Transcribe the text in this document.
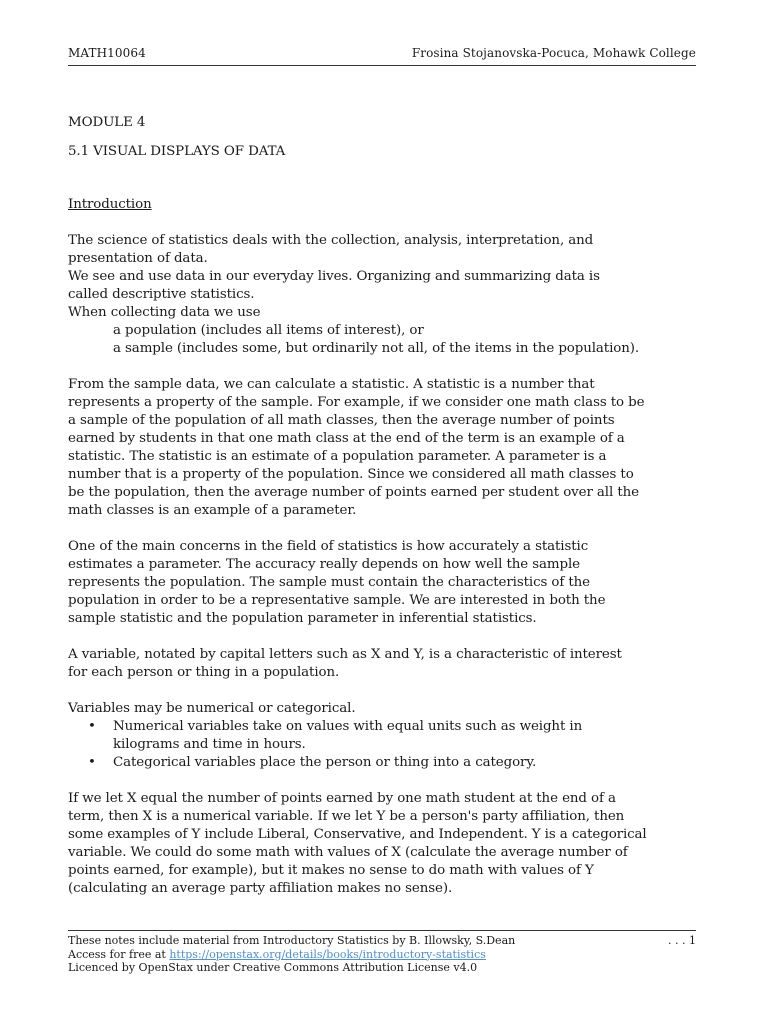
MATH10064	Frosina Stojanovska-Pocuca, Mohawk College

MODULE 4

5.1 VISUAL DISPLAYS OF DATA

Introduction

The science of statistics deals with the collection, analysis, interpretation, and

presentation of data.

We see and use data in our everyday lives. Organizing and summarizing data is

called descriptive statistics.

When collecting data we use

a population (includes all items of interest), or

a sample (includes some, but ordinarily not all, of the items in the population).

From the sample data, we can calculate a statistic. A statistic is a number that

represents a property of the sample. For example, if we consider one math class to be

a sample of the population of all math classes, then the average number of points

earned by students in that one math class at the end of the term is an example of a

statistic. The statistic is an estimate of a population parameter. A parameter is a

number that is a property of the population. Since we considered all math classes to

be the population, then the average number of points earned per student over all the

math classes is an example of a parameter.

One of the main concerns in the field of statistics is how accurately a statistic

estimates a parameter. The accuracy really depends on how well the sample

represents the population. The sample must contain the characteristics of the

population in order to be a representative sample. We are interested in both the

sample statistic and the population parameter in inferential statistics.

A variable, notated by capital letters such as X and Y, is a characteristic of interest

for each person or thing in a population.

Variables may be numerical or categorical.

• Numerical variables take on values with equal units such as weight in
kilograms and time in hours.
• Categorical variables place the person or thing into a category.

If we let X equal the number of points earned by one math student at the end of a

term, then X is a numerical variable. If we let Y be a person's party affiliation, then

some examples of Y include Liberal, Conservative, and Independent. Y is a categorical

variable. We could do some math with values of X (calculate the average number of

points earned, for example), but it makes no sense to do math with values of Y

(calculating an average party affiliation makes no sense).

These notes include material from Introductory Statistics by B. Illowsky, S.Dean	. . . 1
Access for free at https://openstax.org/details/books/introductory-statistics
Licenced by OpenStax under Creative Commons Attribution License v4.0
